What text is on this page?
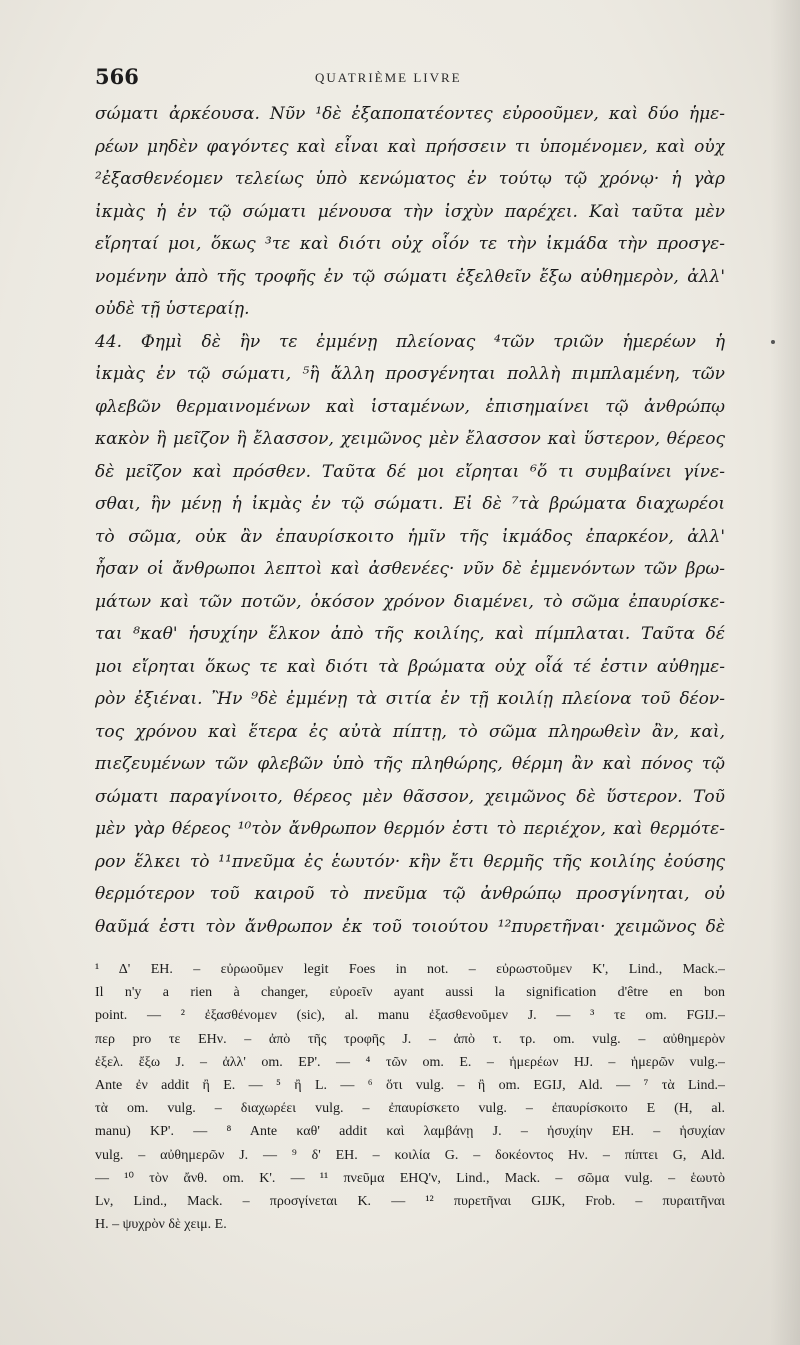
566	QUATRIÈME LIVRE
σώματι ἀρκέουσα. Νῦν ¹δὲ ἐξαποπατέοντες εὐροοῦμεν, καὶ δύο ἡμε-
ρέων μηδὲν φαγόντες καὶ εἶναι καὶ πρήσσειν τι ὑπομένομεν, καὶ οὐχ
²ἐξασθενέομεν τελείως ὑπὸ κενώματος ἐν τούτῳ τῷ χρόνῳ· ἡ γὰρ
ἰκμὰς ἡ ἐν τῷ σώματι μένουσα τὴν ἰσχὺν παρέχει. Καὶ ταῦτα μὲν
εἴρηταί μοι, ὅκως ³τε καὶ διότι οὐχ οἷόν τε τὴν ἰκμάδα τὴν προσγε-
νομένην ἀπὸ τῆς τροφῆς ἐν τῷ σώματι ἐξελθεῖν ἔξω αὐθημερὸν, ἀλλ'
οὐδὲ τῇ ὑστεραίῃ.
44. Φημὶ δὲ ἢν τε ἐμμένῃ πλείονας ⁴τῶν τριῶν ἡμερέων ἡ
ἰκμὰς ἐν τῷ σώματι, ⁵ἢ ἄλλη προσγένηται πολλὴ πιμπλαμένη, τῶν
φλεβῶν θερμαινομένων καὶ ἱσταμένων, ἐπισημαίνει τῷ ἀνθρώπῳ
κακὸν ἢ μεῖζον ἢ ἔλασσον, χειμῶνος μὲν ἔλασσον καὶ ὕστερον, θέρεος
δὲ μεῖζον καὶ πρόσθεν. Ταῦτα δέ μοι εἴρηται ⁶ὅ τι συμβαίνει γίνε-
σθαι, ἢν μένῃ ἡ ἰκμὰς ἐν τῷ σώματι. Εἰ δὲ ⁷τὰ βρώματα διαχωρέοι
τὸ σῶμα, οὐκ ἂν ἐπαυρίσκοιτο ἡμῖν τῆς ἰκμάδος ἐπαρκέον, ἀλλ'
ἦσαν οἱ ἄνθρωποι λεπτοὶ καὶ ἀσθενέες· νῦν δὲ ἐμμενόντων τῶν βρω-
μάτων καὶ τῶν ποτῶν, ὁκόσον χρόνον διαμένει, τὸ σῶμα ἐπαυρίσκε-
ται ⁸καθ' ἡσυχίην ἕλκον ἀπὸ τῆς κοιλίης, καὶ πίμπλαται. Ταῦτα δέ
μοι εἴρηται ὅκως τε καὶ διότι τὰ βρώματα οὐχ οἷά τέ ἐστιν αὐθημε-
ρὸν ἐξιέναι. Ἢν ⁹δὲ ἐμμένῃ τὰ σιτία ἐν τῇ κοιλίῃ πλείονα τοῦ δέον-
τος χρόνου καὶ ἕτερα ἐς αὐτὰ πίπτῃ, τὸ σῶμα πληρωθεὶν ἂν, καὶ,
πιεζευμένων τῶν φλεβῶν ὑπὸ τῆς πληθώρης, θέρμη ἂν καὶ πόνος τῷ
σώματι παραγίνοιτο, θέρεος μὲν θᾶσσον, χειμῶνος δὲ ὕστερον. Τοῦ
μὲν γὰρ θέρεος ¹⁰τὸν ἄνθρωπον θερμόν ἐστι τὸ περιέχον, καὶ θερμότε-
ρον ἕλκει τὸ ¹¹πνεῦμα ἐς ἑωυτόν· κἢν ἔτι θερμῆς τῆς κοιλίης ἐούσης
θερμότερον τοῦ καιροῦ τὸ πνεῦμα τῷ ἀνθρώπῳ προσγίνηται, οὐ
θαῦμά ἐστι τὸν ἄνθρωπον ἐκ τοῦ τοιούτου ¹²πυρετῆναι· χειμῶνος δὲ
¹ Δ' EH. – εὐρωοῦμεν legit Foes in not. – εὐρωστοῦμεν K', Lind., Mack.–
Il n'y a rien à changer, εὐροεῖν ayant aussi la signification d'être en bon
point. — ² ἐξασθένομεν (sic), al. manu ἐξασθενοῦμεν J. — ³ τε om. FGIJ.–
περ pro τε EHν. – ἀπὸ τῆς τροφῆς J. – ἀπὸ τ. τρ. om. vulg. – αὐθημερὸν
ἐξελ. ἔξω J. – ἀλλ' om. EP'. — ⁴ τῶν om. E. – ἡμερέων HJ. – ἡμερῶν vulg.–
Ante ἐν addit ἢ E. — ⁵ ἢ L. — ⁶ ὅτι vulg. – ἢ om. EGIJ, Ald. — ⁷ τὰ Lind.–
τὰ om. vulg. – διαχωρέει vulg. – ἐπαυρίσκετο vulg. – ἐπαυρίσκοιτο E (H, al.
manu) KP'. — ⁸ Ante καθ' addit καὶ λαμβάνῃ J. – ἡσυχίην EH. – ἡσυχίαν
vulg. – αὐθημερῶν J. — ⁹ δ' EH. – κοιλία G. – δοκέοντος Hν. – πίπτει G, Ald.
— ¹⁰ τὸν ἄνθ. om. K'. — ¹¹ πνεῦμα EHQ'ν, Lind., Mack. – σῶμα vulg. – ἑωυτὸ
Lν, Lind., Mack. – προσγίνεται K. — ¹² πυρετῆναι GIJK, Frob. – πυραιτῆναι
H. – ψυχρὸν δὲ χειμ. E.
